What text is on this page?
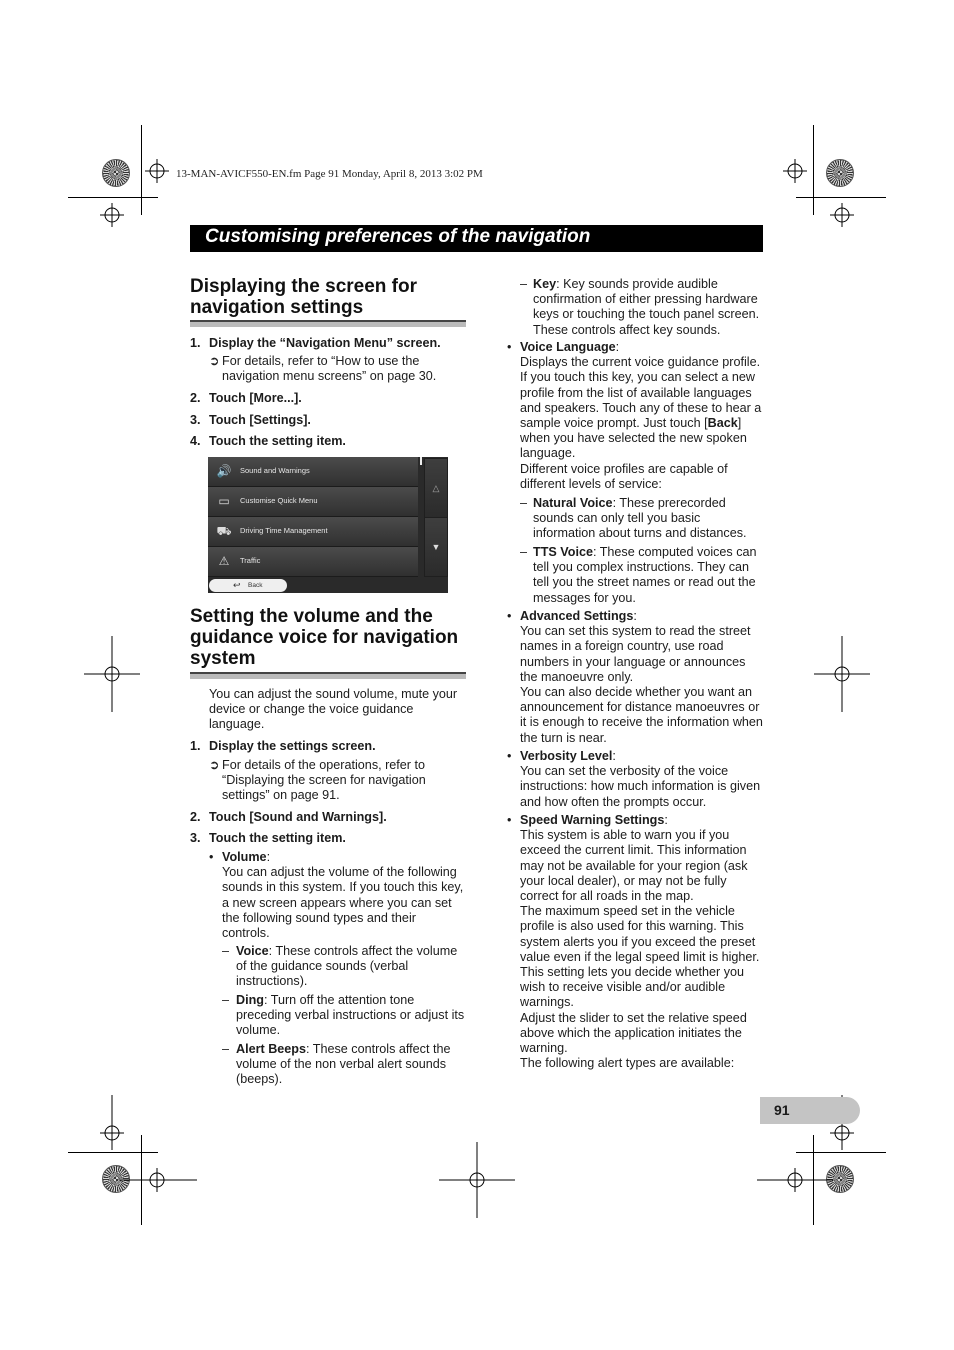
13-MAN-AVICF550-EN.fm Page 91 Monday, April 8, 2013 3:02 PM
Customising preferences of the navigation
Displaying the screen for
navigation settings
1. Display the “Navigation Menu” screen.
➲ For details, refer to “How to use the
navigation menu screens” on page 30.
2. Touch [More...].
3. Touch [Settings].
4. Touch the setting item.
🔊 Sound and Warnings
▭	Customise Quick Menu
⛟ Driving Time Management
⚠	Traffic
△
▼
↩ Back
Setting the volume and the
guidance voice for navigation
system
You can adjust the sound volume, mute your
device or change the voice guidance
language.
1. Display the settings screen.
➲ For details of the operations, refer to
“Displaying the screen for navigation
settings” on page 91.
2. Touch [Sound and Warnings].
3. Touch the setting item.
• Volume:
You can adjust the volume of the following
sounds in this system. If you touch this key,
a new screen appears where you can set
the following sound types and their
controls.
– Voice: These controls affect the volume
of the guidance sounds (verbal
instructions).
– Ding: Turn off the attention tone
preceding verbal instructions or adjust its
volume.
– Alert Beeps: These controls affect the
volume of the non verbal alert sounds
(beeps).
– Key: Key sounds provide audible
confirmation of either pressing hardware
keys or touching the touch panel screen.
These controls affect key sounds.
• Voice Language:
Displays the current voice guidance profile.
If you touch this key, you can select a new
profile from the list of available languages
and speakers. Touch any of these to hear a
sample voice prompt. Just touch [Back]
when you have selected the new spoken
language.
Different voice profiles are capable of
different levels of service:
– Natural Voice: These prerecorded
sounds can only tell you basic
information about turns and distances.
– TTS Voice: These computed voices can
tell you complex instructions. They can
tell you the street names or read out the
messages for you.
• Advanced Settings:
You can set this system to read the street
names in a foreign country, use road
numbers in your language or announces
the manoeuvre only.
You can also decide whether you want an
announcement for distance manoeuvres or
it is enough to receive the information when
the turn is near.
• Verbosity Level:
You can set the verbosity of the voice
instructions: how much information is given
and how often the prompts occur.
• Speed Warning Settings:
This system is able to warn you if you
exceed the current limit. This information
may not be available for your region (ask
your local dealer), or may not be fully
correct for all roads in the map.
The maximum speed set in the vehicle
profile is also used for this warning. This
system alerts you if you exceed the preset
value even if the legal speed limit is higher.
This setting lets you decide whether you
wish to receive visible and/or audible
warnings.
Adjust the slider to set the relative speed
above which the application initiates the
warning.
The following alert types are available:
91
